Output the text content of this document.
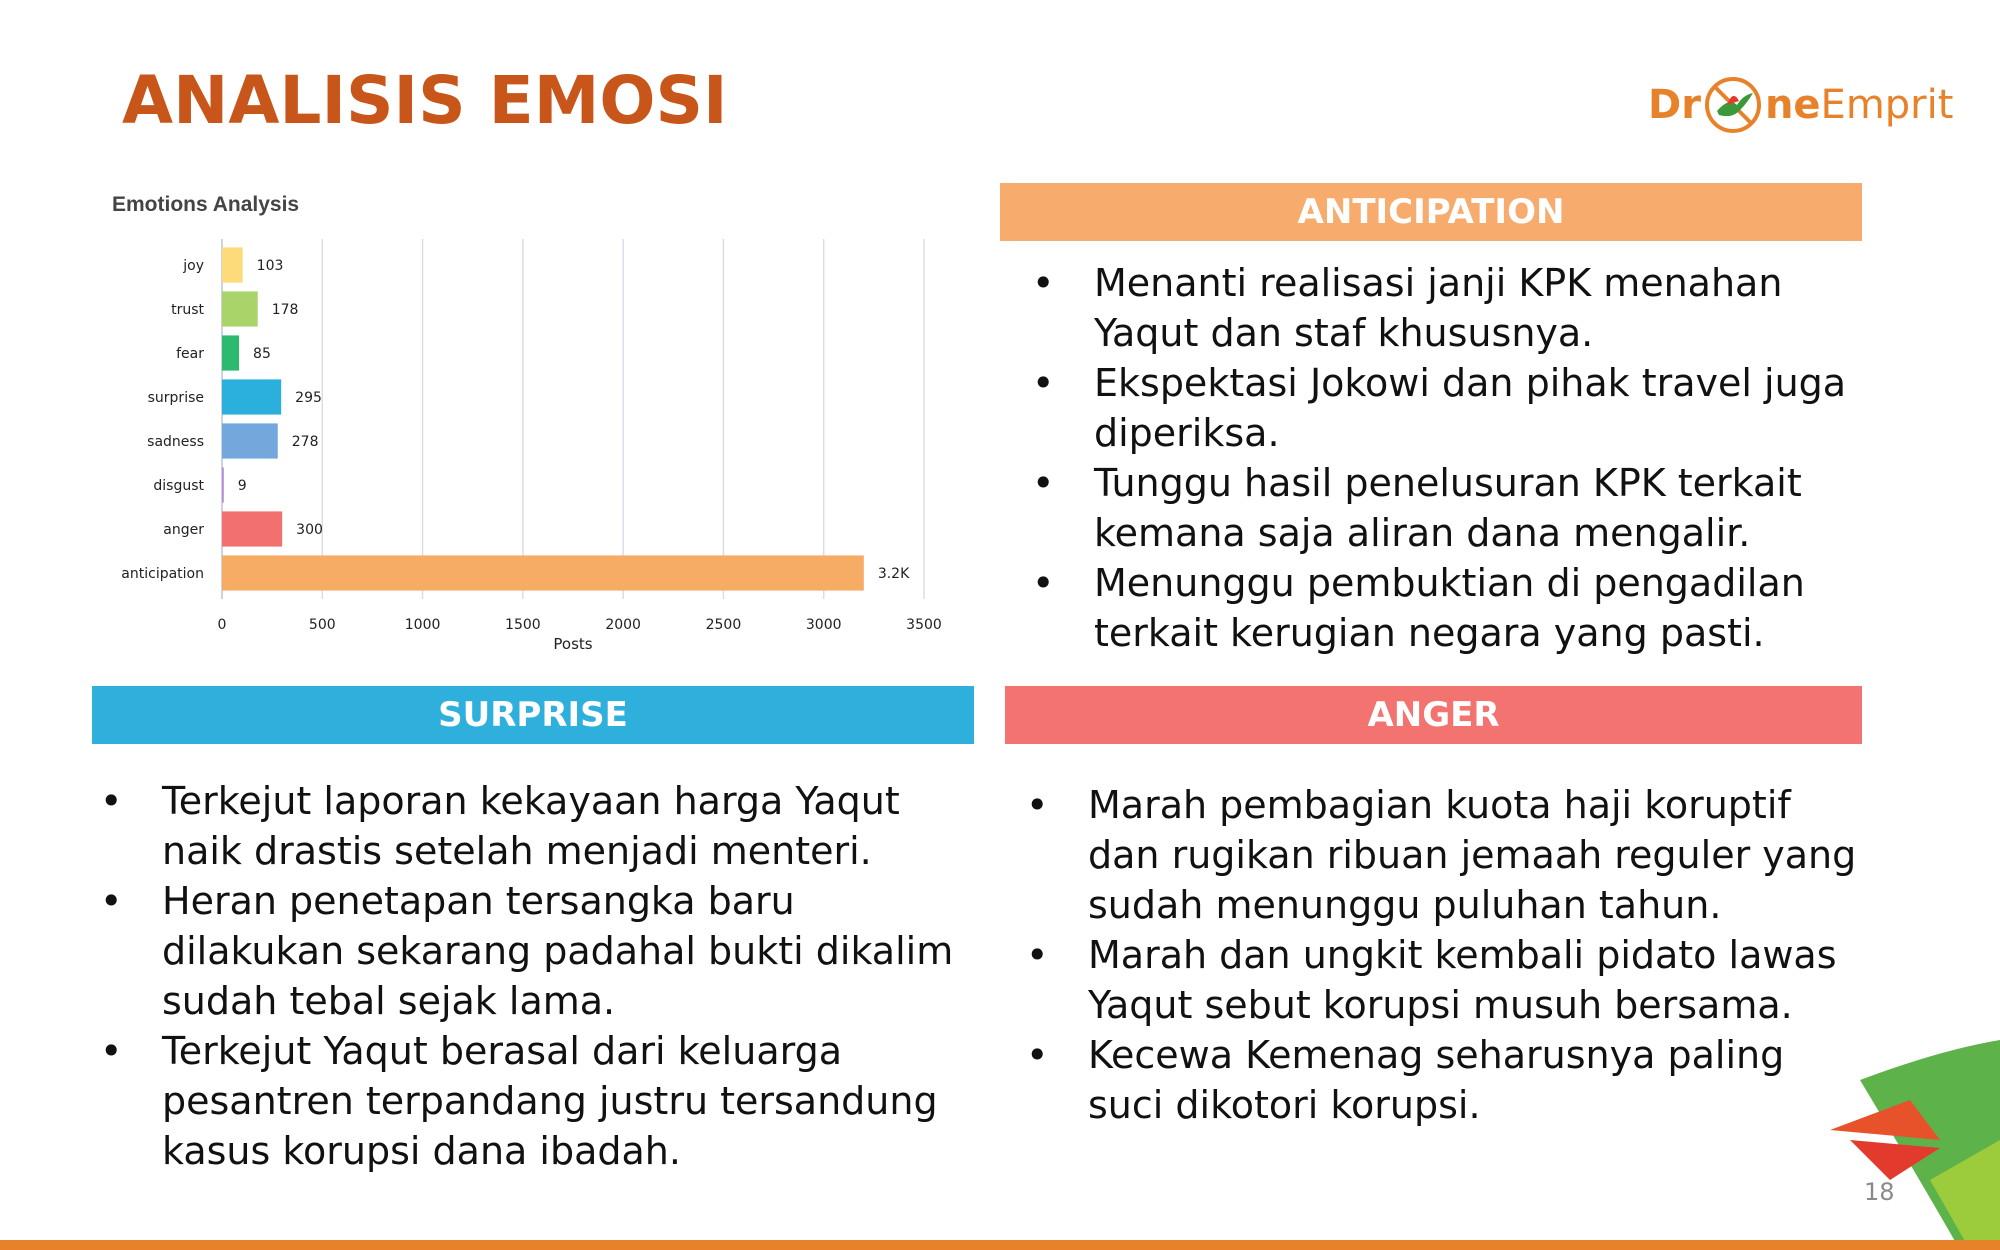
ANALISIS EMOSI	Dr ne Emprit
Emotions Analysis
0	500	1000	1500	2000	2500	3000	3500
joy	103
trust	178
fear	85
surprise	295
sadness	278
disgust 9
anger	300
anticipation	3.2K
Posts
ANTICIPATION
• Menanti realisasi janji KPK menahan Yaqut dan staf khususnya.
• Ekspektasi Jokowi dan pihak travel juga diperiksa.
• Tunggu hasil penelusuran KPK terkait kemana saja aliran dana mengalir.
• Menunggu pembuktian di pengadilan terkait kerugian negara yang pasti.
SURPRISE
• Terkejut laporan kekayaan harga Yaqut naik drastis setelah menjadi menteri.
• Heran penetapan tersangka baru dilakukan sekarang padahal bukti dikalim sudah tebal sejak lama.
• Terkejut Yaqut berasal dari keluarga pesantren terpandang justru tersandung kasus korupsi dana ibadah.
ANGER
• Marah pembagian kuota haji koruptif dan rugikan ribuan jemaah reguler yang sudah menunggu puluhan tahun.
• Marah dan ungkit kembali pidato lawas Yaqut sebut korupsi musuh bersama.
• Kecewa Kemenag seharusnya paling suci dikotori korupsi.
18
